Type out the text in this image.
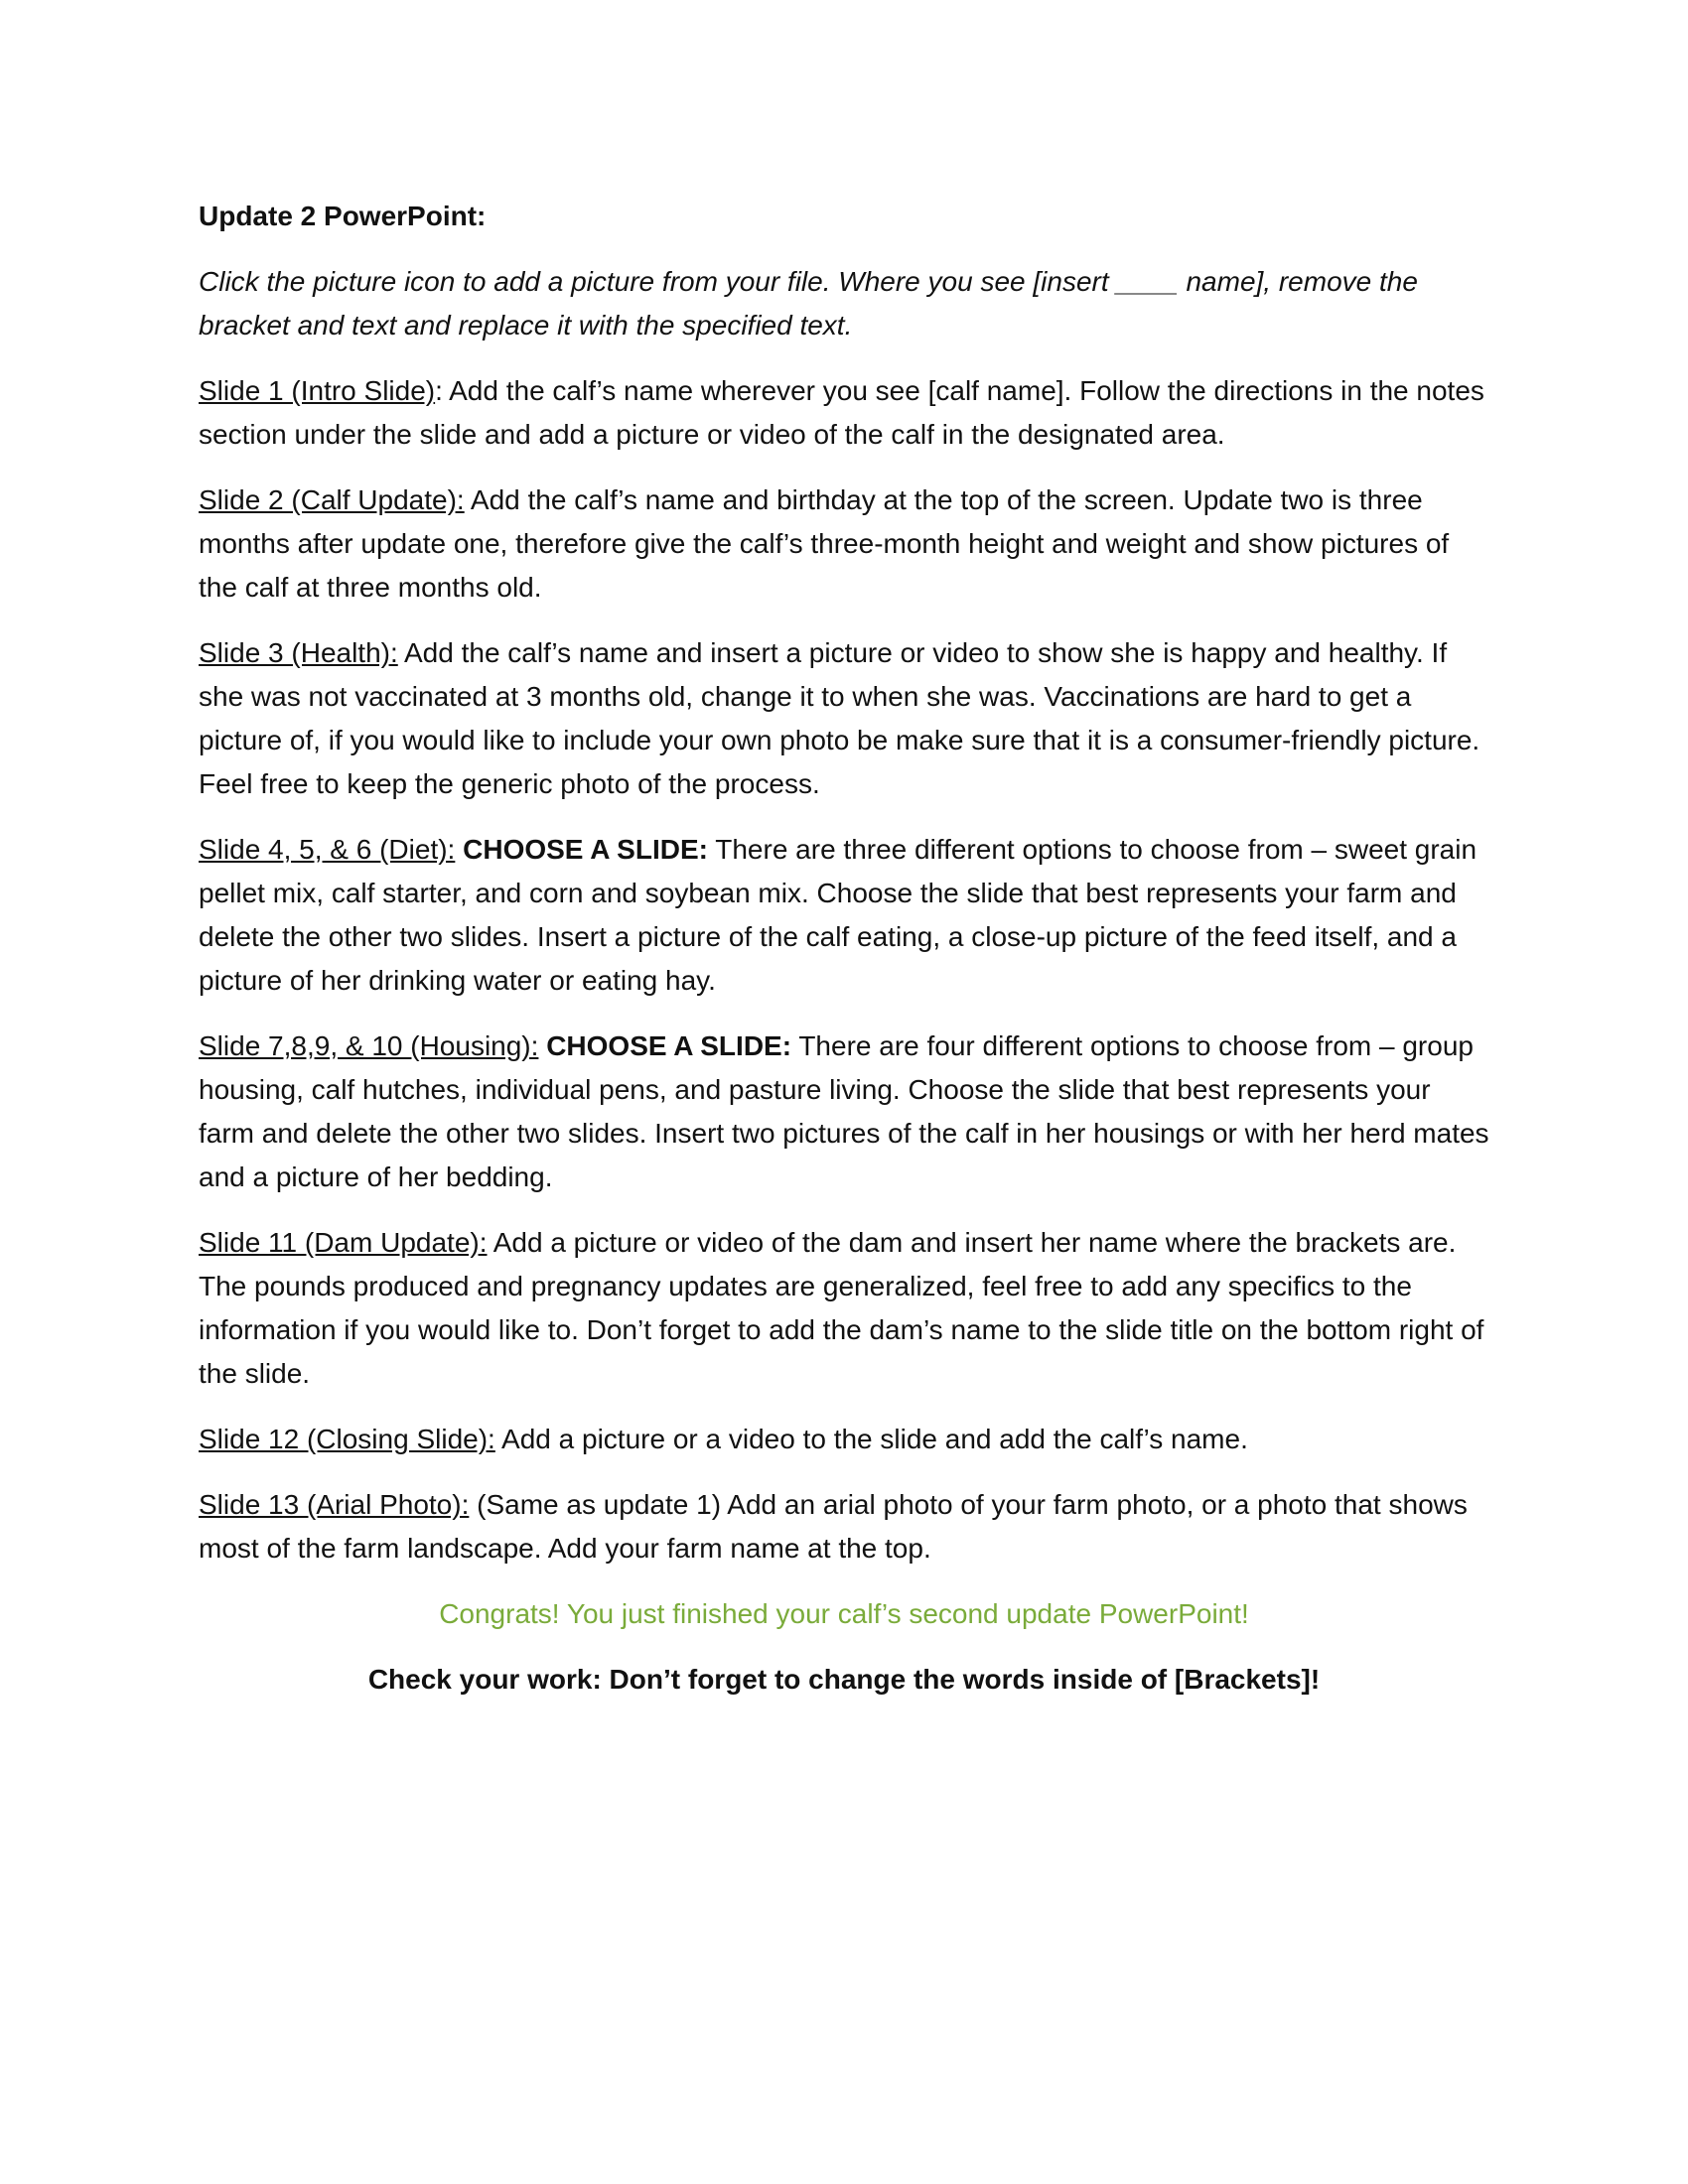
Update 2 PowerPoint:

Click the picture icon to add a picture from your file. Where you see [insert ____ name], remove the bracket and text and replace it with the specified text.

Slide 1 (Intro Slide): Add the calf’s name wherever you see [calf name]. Follow the directions in the notes section under the slide and add a picture or video of the calf in the designated area.

Slide 2 (Calf Update): Add the calf’s name and birthday at the top of the screen. Update two is three months after update one, therefore give the calf’s three-month height and weight and show pictures of the calf at three months old.

Slide 3 (Health): Add the calf’s name and insert a picture or video to show she is happy and healthy. If she was not vaccinated at 3 months old, change it to when she was. Vaccinations are hard to get a picture of, if you would like to include your own photo be make sure that it is a consumer-friendly picture. Feel free to keep the generic photo of the process.

Slide 4, 5, & 6 (Diet): CHOOSE A SLIDE: There are three different options to choose from – sweet grain pellet mix, calf starter, and corn and soybean mix. Choose the slide that best represents your farm and delete the other two slides. Insert a picture of the calf eating, a close-up picture of the feed itself, and a picture of her drinking water or eating hay.

Slide 7,8,9, & 10 (Housing): CHOOSE A SLIDE: There are four different options to choose from – group housing, calf hutches, individual pens, and pasture living. Choose the slide that best represents your farm and delete the other two slides. Insert two pictures of the calf in her housings or with her herd mates and a picture of her bedding.

Slide 11 (Dam Update): Add a picture or video of the dam and insert her name where the brackets are. The pounds produced and pregnancy updates are generalized, feel free to add any specifics to the information if you would like to. Don’t forget to add the dam’s name to the slide title on the bottom right of the slide.

Slide 12 (Closing Slide): Add a picture or a video to the slide and add the calf’s name.

Slide 13 (Arial Photo): (Same as update 1) Add an arial photo of your farm photo, or a photo that shows most of the farm landscape. Add your farm name at the top.

Congrats! You just finished your calf’s second update PowerPoint!

Check your work: Don’t forget to change the words inside of [Brackets]!
